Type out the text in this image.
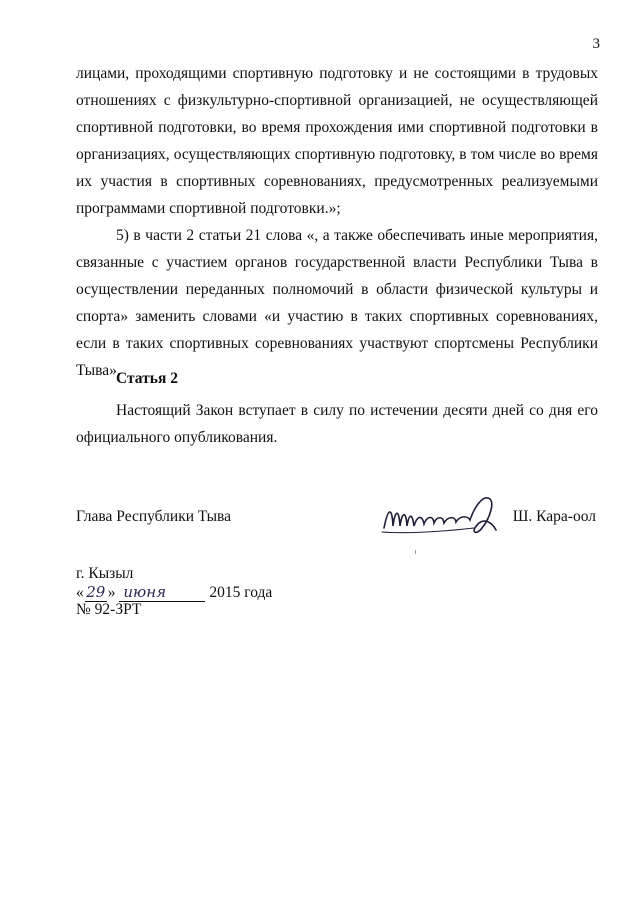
3

лицами, проходящими спортивную подготовку и не состоящими в трудовых отношениях с физкультурно-спортивной организацией, не осуществляющей спортивной подготовки, во время прохождения ими спортивной подготовки в организациях, осуществляющих спортивную подготовку, в том числе во время их участия в спортивных соревнованиях, предусмотренных реализуемыми программами спортивной подготовки.»;

5) в части 2 статьи 21 слова «, а также обеспечивать иные мероприятия, связанные с участием органов государственной власти Республики Тыва в осуществлении переданных полномочий в области физической культуры и спорта» заменить словами «и участию в таких спортивных соревнованиях, если в таких спортивных соревнованиях участвуют спортсмены Республики Тыва».

Статья 2

Настоящий Закон вступает в силу по истечении десяти дней со дня его официального опубликования.

Глава Республики Тыва	Ш. Кара-оол
г. Кызыл
« 29 » июня	2015 года
№ 92-ЗРТ
